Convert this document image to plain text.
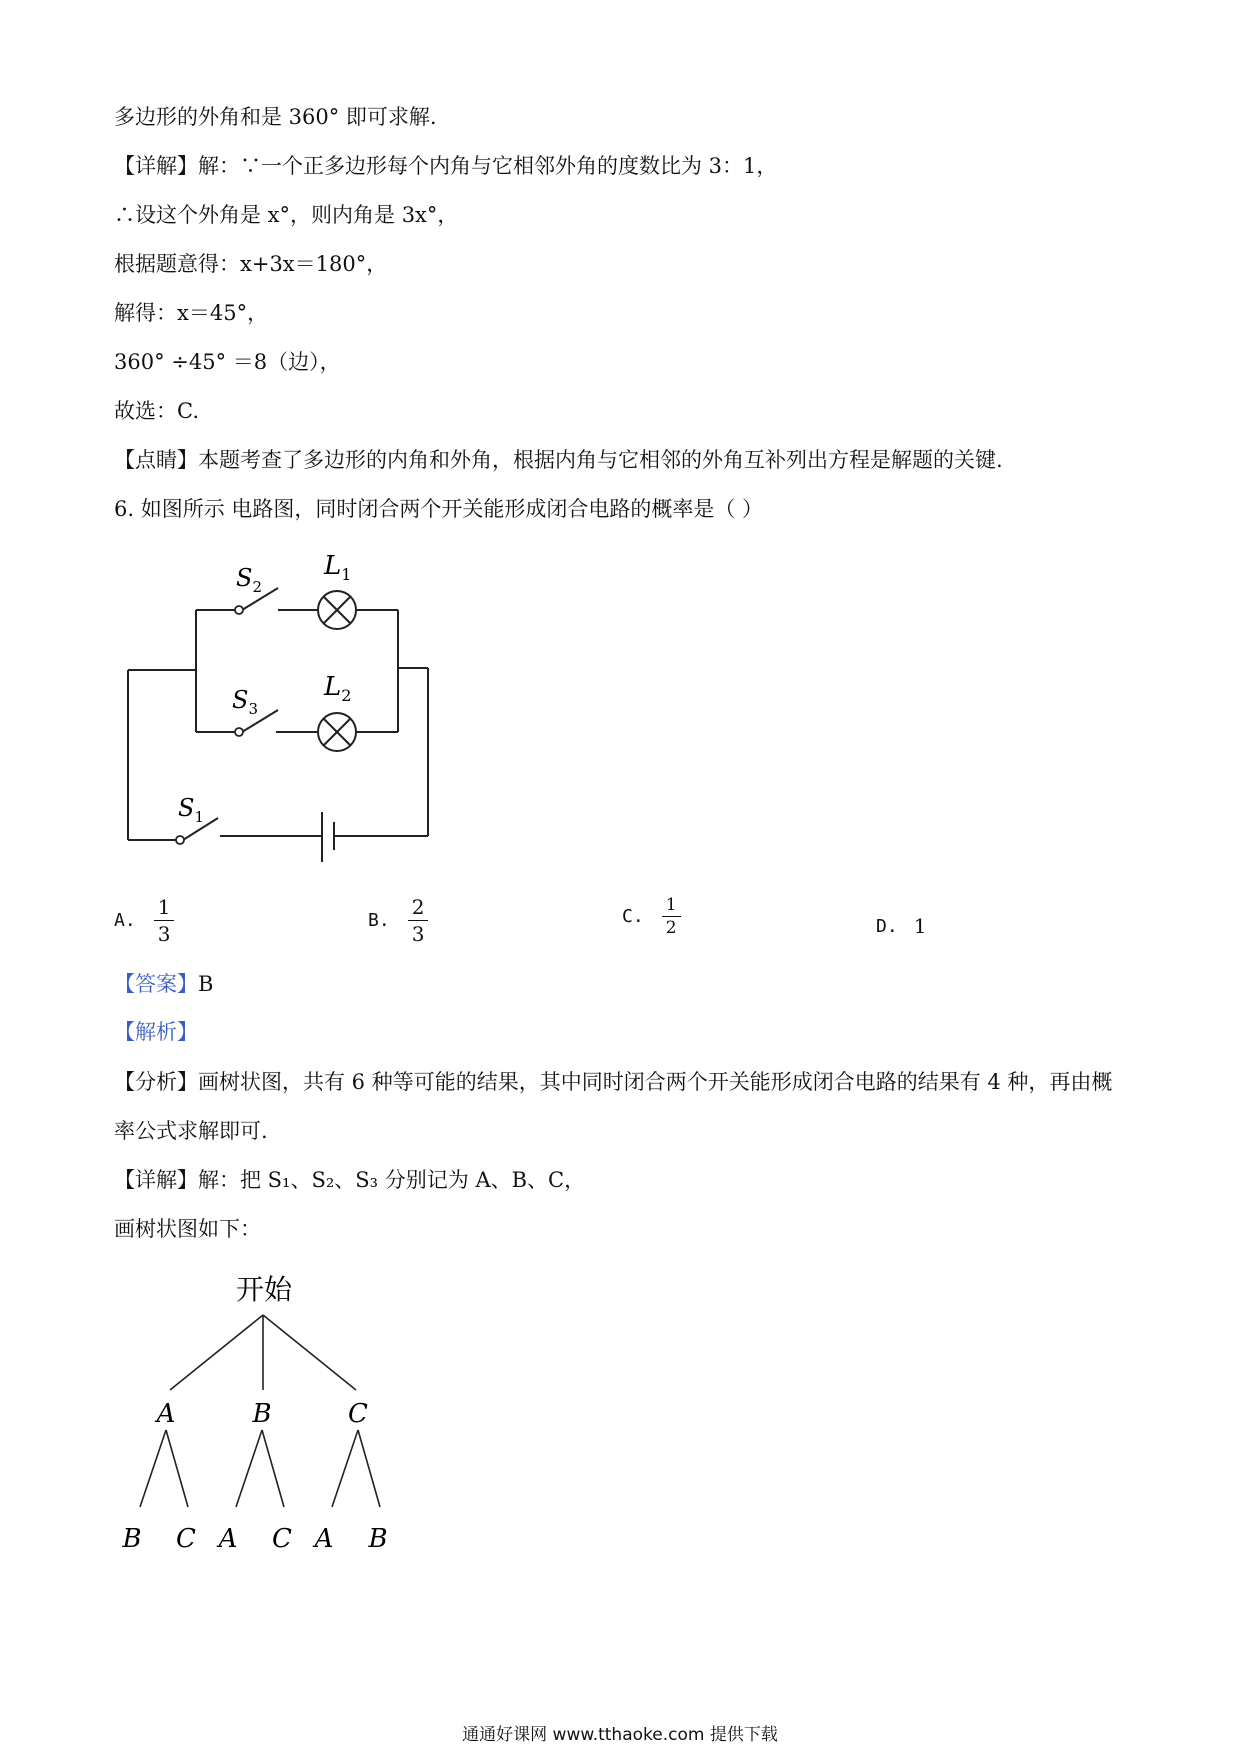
多边形的外角和是 360° 即可求解.
【详解】解：∵一个正多边形每个内角与它相邻外角的度数比为 3：1，
∴设这个外角是 x°，则内角是 3x°，
根据题意得：x+3x＝180°，
解得：x＝45°，
360° ÷45° ＝8（边），
故选：C.
【点睛】本题考查了多边形的内角和外角，根据内角与它相邻的外角互补列出方程是解题的关键.
6. 如图所示 电路图，同时闭合两个开关能形成闭合电路的概率是（ ）
$S_2$
$L_1$
$S_3$
$L_2$
$S_1$
A. $\frac{1}{3}$	B. $\frac{2}{3}$	C. $\frac{1}{2}$	D. 1
【答案】B
【解析】
【分析】画树状图，共有 6 种等可能的结果，其中同时闭合两个开关能形成闭合电路的结果有 4 种，再由概
率公式求解即可.
【详解】解：把 S₁、S₂、S₃ 分别记为 A、B、C，
画树状图如下：
开始
A	B	C
B C A C A B
通通好课网 www.tthaoke.com 提供下载
